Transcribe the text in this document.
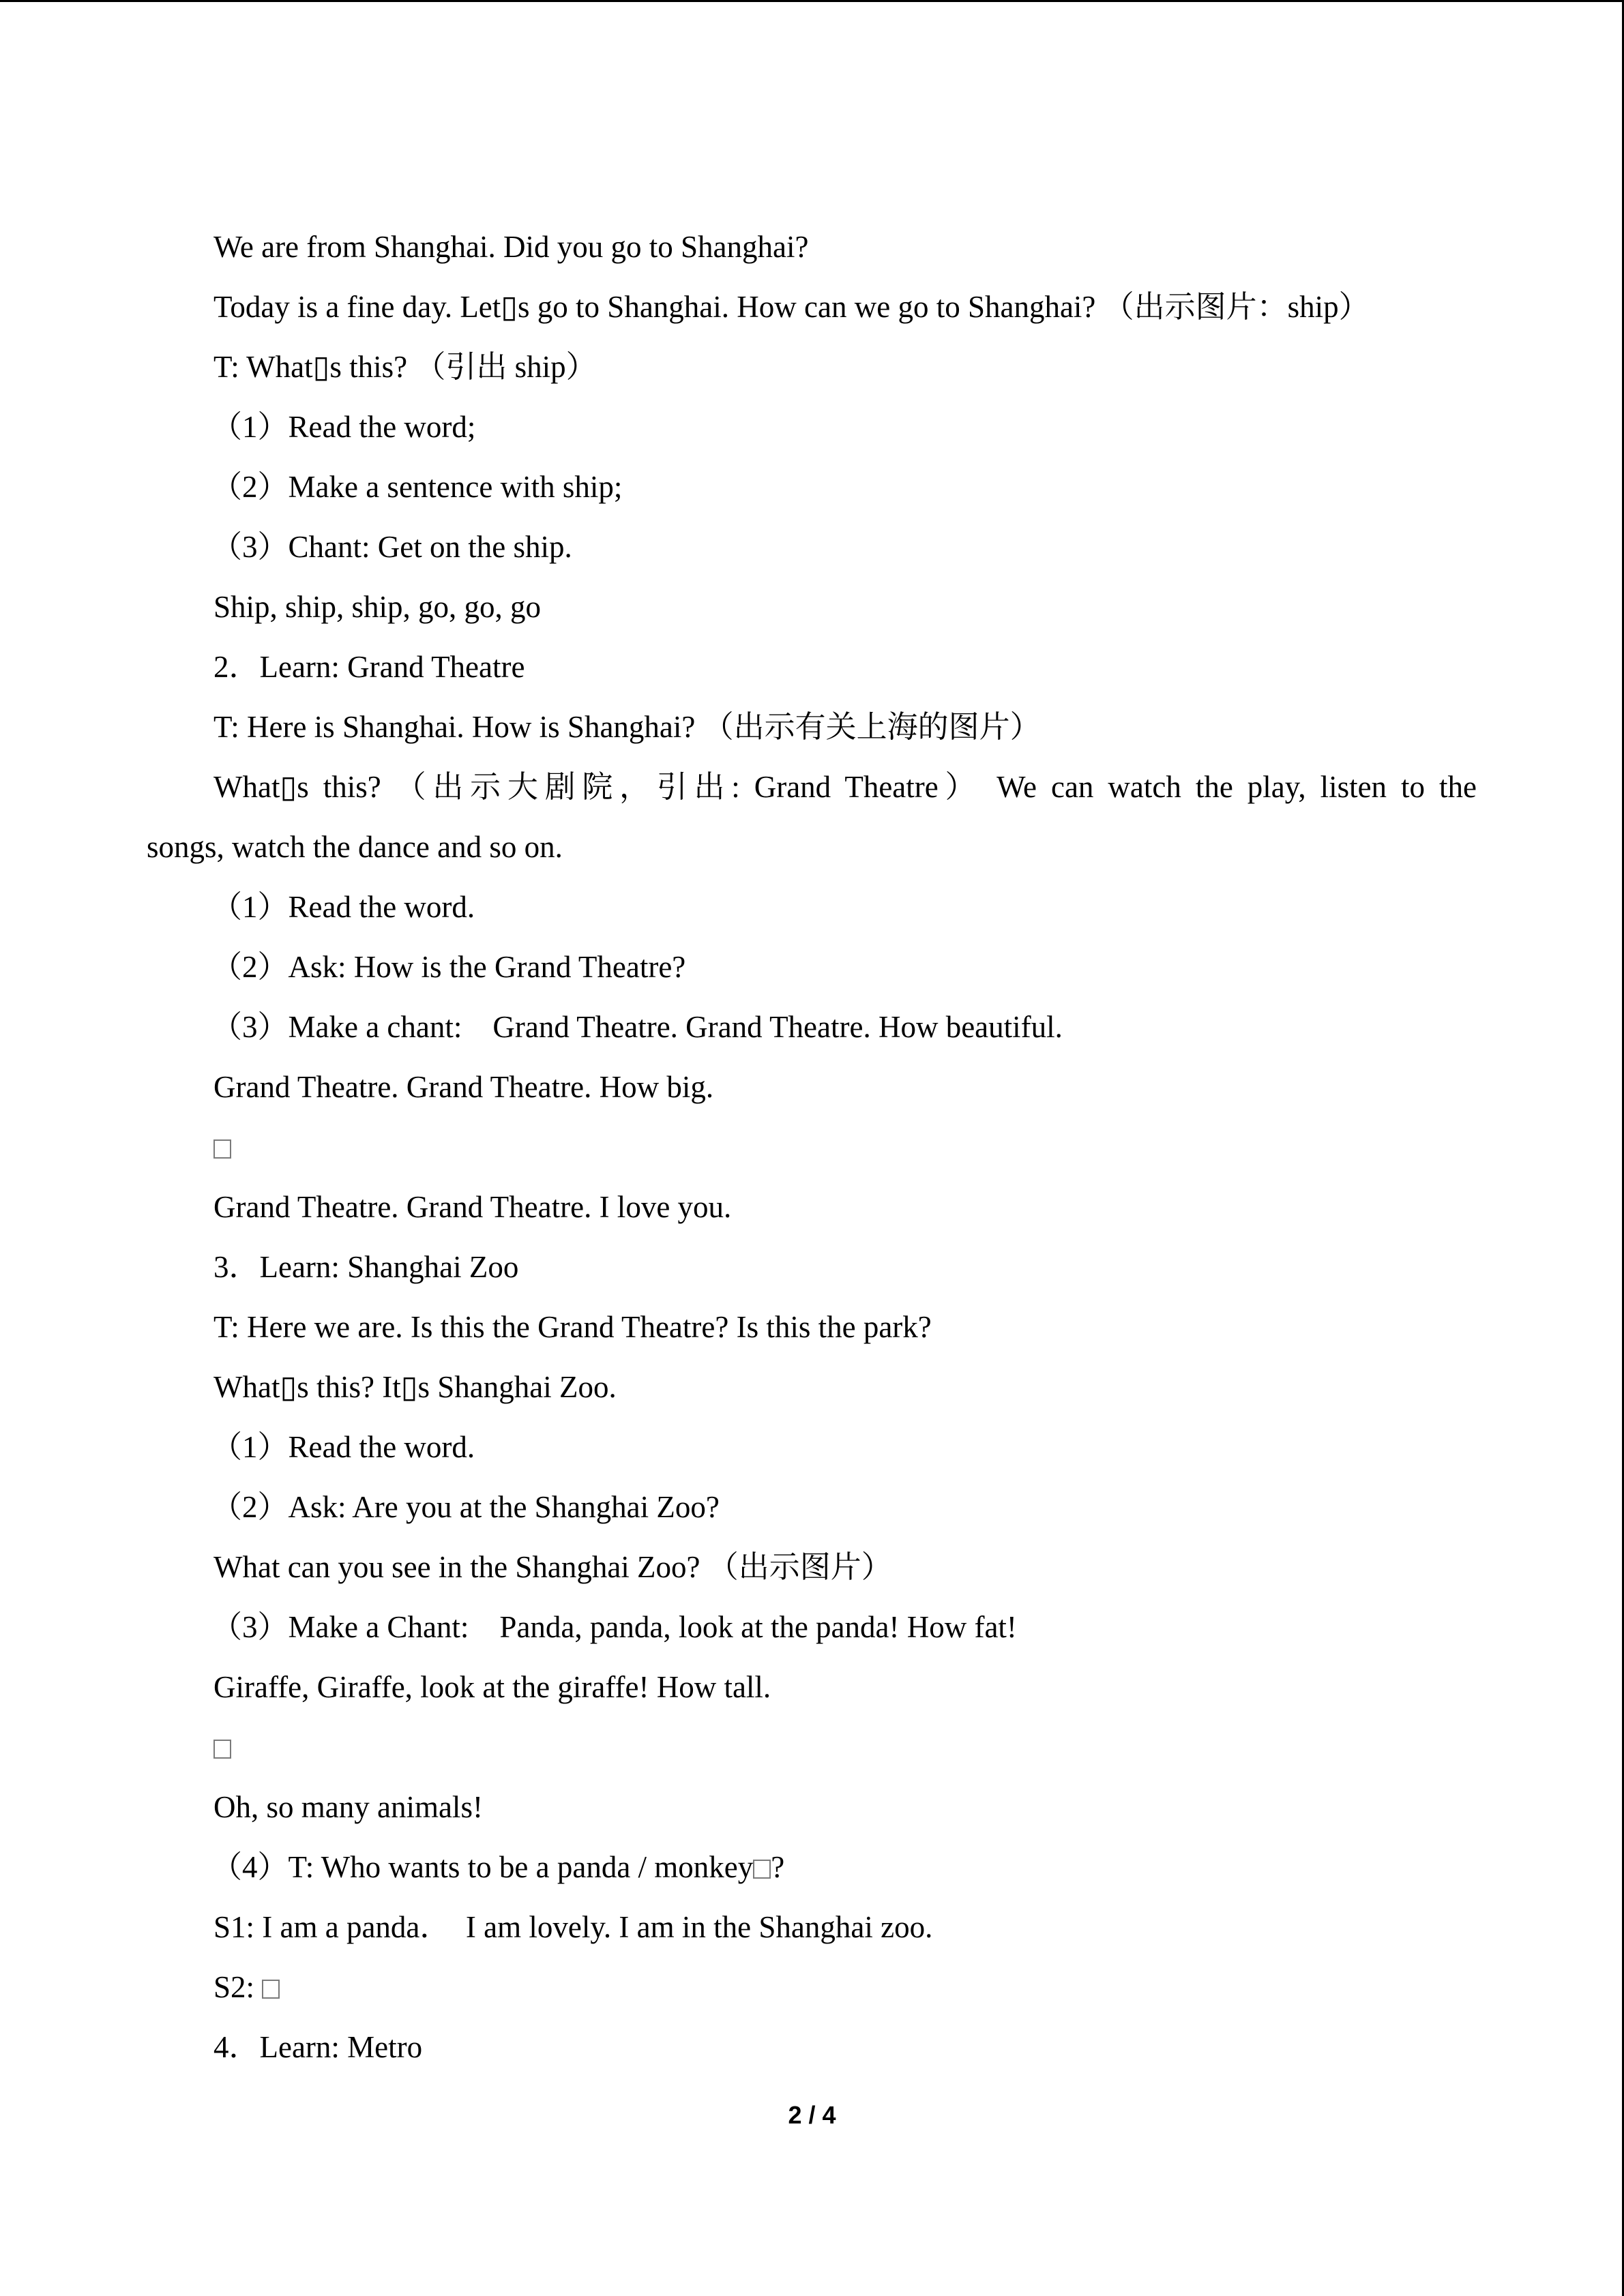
We are from Shanghai. Did you go to Shanghai?
Today is a fine day. Let▯s go to Shanghai. How can we go to Shanghai? （出示图片：ship）
T: What▯s this? （引出 ship）
（1）Read the word;
（2）Make a sentence with ship;
（3）Chant: Get on the ship.
Ship, ship, ship, go, go, go
2．Learn: Grand Theatre
T: Here is Shanghai. How is Shanghai? （出示有关上海的图片）
What▯s this? （出示大剧院，引出: Grand Theatre） We can watch the play, listen to the
songs, watch the dance and so on.
（1）Read the word.
（2）Ask: How is the Grand Theatre?
（3）Make a chant:　Grand Theatre. Grand Theatre. How beautiful.
Grand Theatre. Grand Theatre. How big.
Grand Theatre. Grand Theatre. I love you.
3．Learn: Shanghai Zoo
T: Here we are. Is this the Grand Theatre? Is this the park?
What▯s this? It▯s Shanghai Zoo.
（1）Read the word.
（2）Ask: Are you at the Shanghai Zoo?
What can you see in the Shanghai Zoo? （出示图片）
（3）Make a Chant:　Panda, panda, look at the panda! How fat!
Giraffe, Giraffe, look at the giraffe! How tall.
Oh, so many animals!
（4）T: Who wants to be a panda / monkey ?
S1: I am a panda．　I am lovely. I am in the Shanghai zoo.
S2:
4．Learn: Metro
2 / 4
